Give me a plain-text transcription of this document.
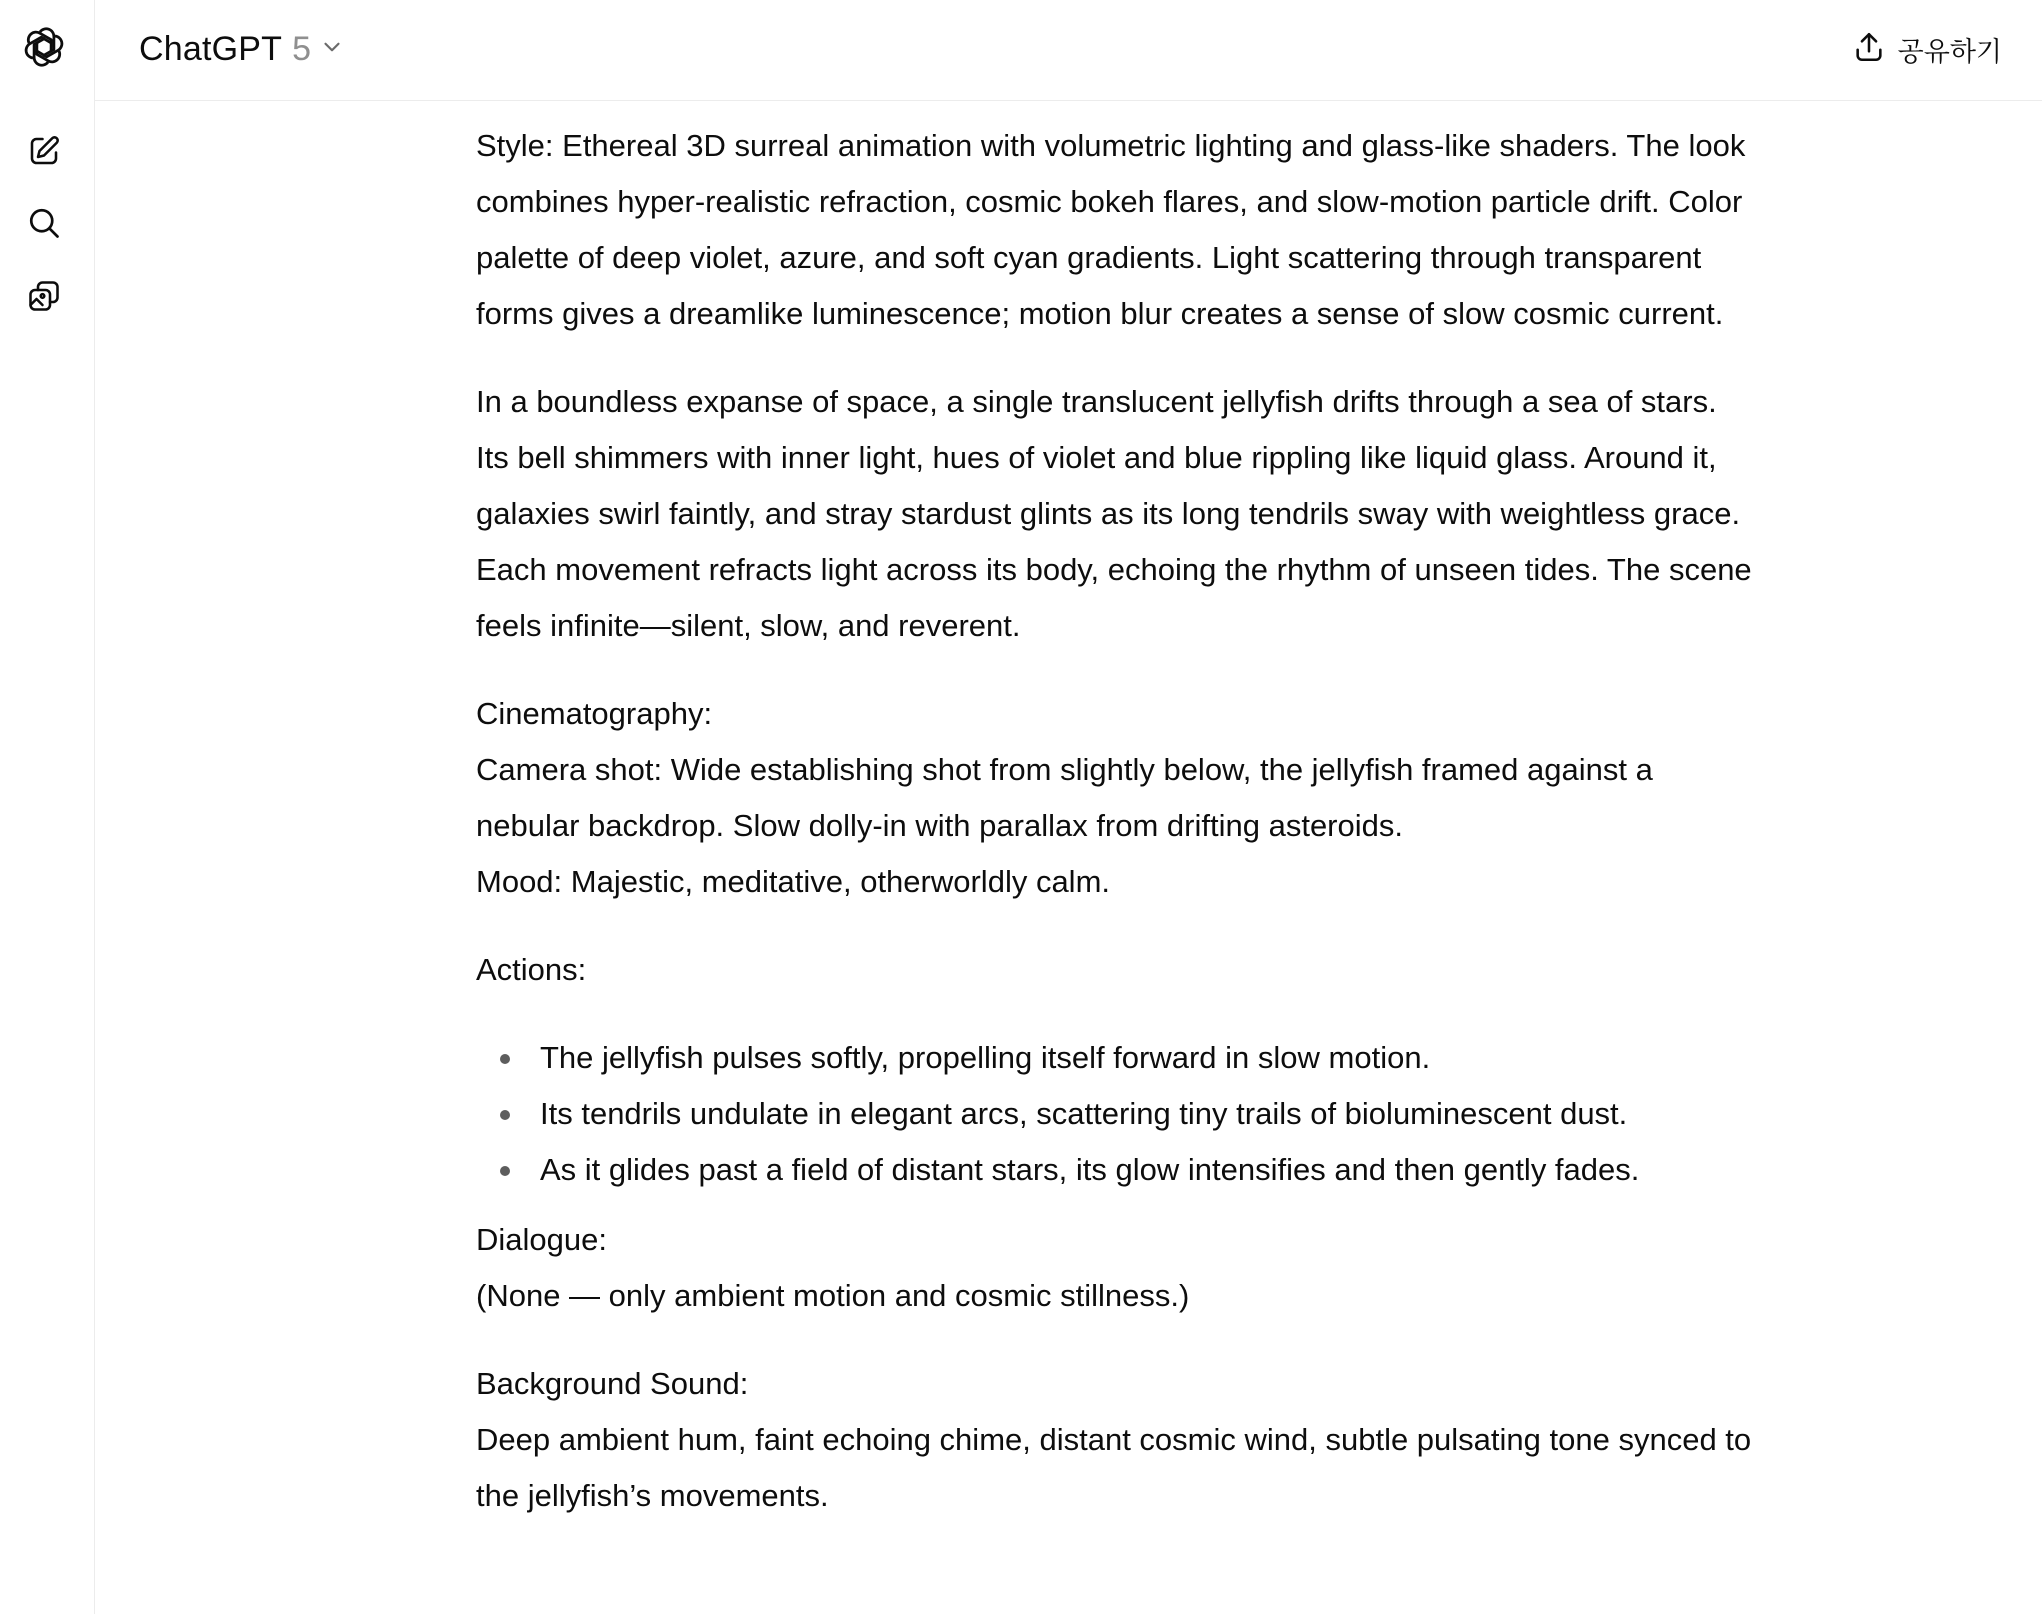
ChatGPT 5	공유하기

Style: Ethereal 3D surreal animation with volumetric lighting and glass-like shaders. The look combines hyper-realistic refraction, cosmic bokeh flares, and slow-motion particle drift. Color palette of deep violet, azure, and soft cyan gradients. Light scattering through transparent forms gives a dreamlike luminescence; motion blur creates a sense of slow cosmic current.

In a boundless expanse of space, a single translucent jellyfish drifts through a sea of stars. Its bell shimmers with inner light, hues of violet and blue rippling like liquid glass. Around it, galaxies swirl faintly, and stray stardust glints as its long tendrils sway with weightless grace. Each movement refracts light across its body, echoing the rhythm of unseen tides. The scene feels infinite—silent, slow, and reverent.

Cinematography:
Camera shot: Wide establishing shot from slightly below, the jellyfish framed against a nebular backdrop. Slow dolly-in with parallax from drifting asteroids.
Mood: Majestic, meditative, otherworldly calm.

Actions:

The jellyfish pulses softly, propelling itself forward in slow motion.
Its tendrils undulate in elegant arcs, scattering tiny trails of bioluminescent dust.
As it glides past a field of distant stars, its glow intensifies and then gently fades.
Dialogue:
(None — only ambient motion and cosmic stillness.)
Background Sound:
Deep ambient hum, faint echoing chime, distant cosmic wind, subtle pulsating tone synced to the jellyfish’s movements.
